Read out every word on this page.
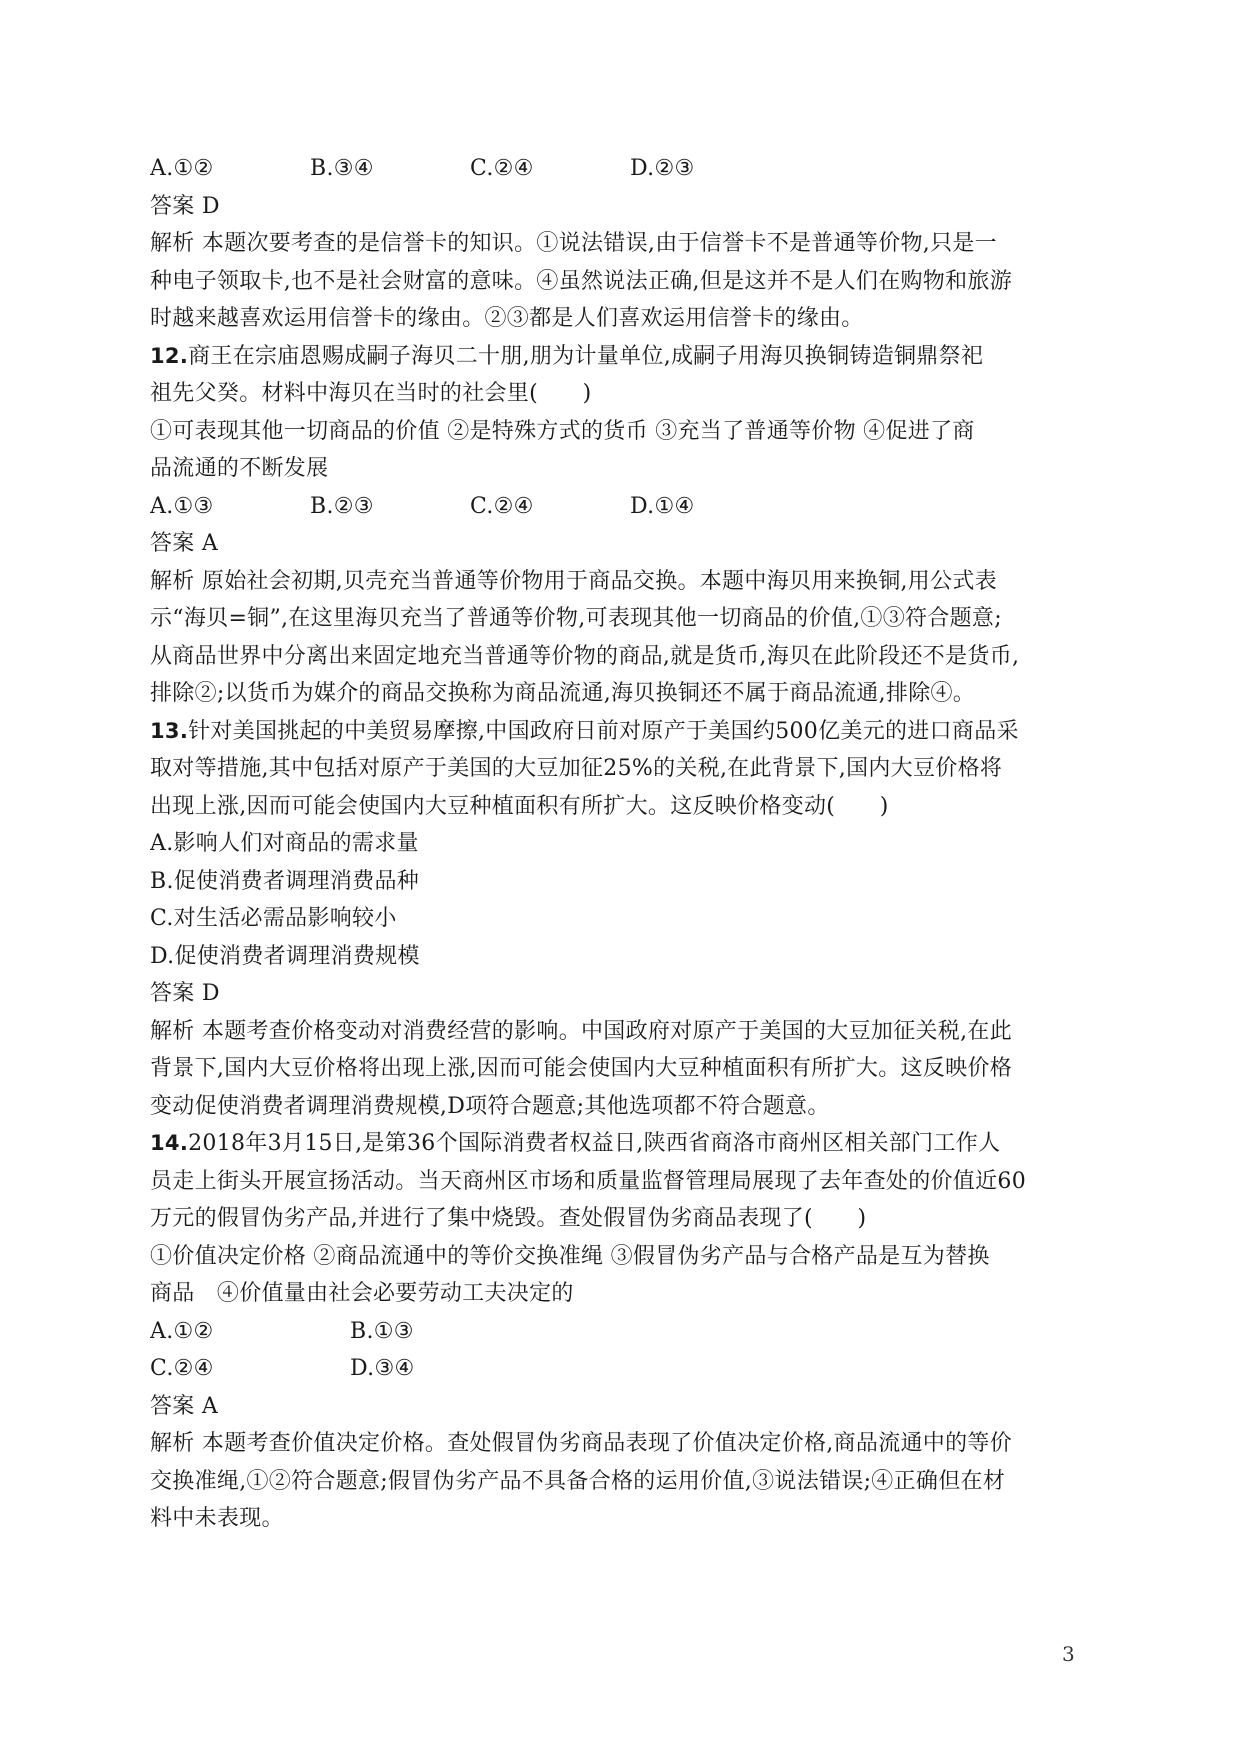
A.①②	B.③④	C.②④	D.②③
答案 D
解析 本题次要考查的是信誉卡的知识。①说法错误,由于信誉卡不是普通等价物,只是一
种电子领取卡,也不是社会财富的意味。④虽然说法正确,但是这并不是人们在购物和旅游
时越来越喜欢运用信誉卡的缘由。②③都是人们喜欢运用信誉卡的缘由。
12.商王在宗庙恩赐成嗣子海贝二十朋,朋为计量单位,成嗣子用海贝换铜铸造铜鼎祭祀
祖先父癸。材料中海贝在当时的社会里(　　)
①可表现其他一切商品的价值 ②是特殊方式的货币 ③充当了普通等价物 ④促进了商
品流通的不断发展
A.①③	B.②③	C.②④	D.①④
答案 A
解析 原始社会初期,贝壳充当普通等价物用于商品交换。本题中海贝用来换铜,用公式表
示“海贝=铜”,在这里海贝充当了普通等价物,可表现其他一切商品的价值,①③符合题意;
从商品世界中分离出来固定地充当普通等价物的商品,就是货币,海贝在此阶段还不是货币,
排除②;以货币为媒介的商品交换称为商品流通,海贝换铜还不属于商品流通,排除④。
13.针对美国挑起的中美贸易摩擦,中国政府日前对原产于美国约500亿美元的进口商品采
取对等措施,其中包括对原产于美国的大豆加征25%的关税,在此背景下,国内大豆价格将
出现上涨,因而可能会使国内大豆种植面积有所扩大。这反映价格变动(　　)
A.影响人们对商品的需求量
B.促使消费者调理消费品种
C.对生活必需品影响较小
D.促使消费者调理消费规模
答案 D
解析 本题考查价格变动对消费经营的影响。中国政府对原产于美国的大豆加征关税,在此
背景下,国内大豆价格将出现上涨,因而可能会使国内大豆种植面积有所扩大。这反映价格
变动促使消费者调理消费规模,D项符合题意;其他选项都不符合题意。
14.2018年3月15日,是第36个国际消费者权益日,陕西省商洛市商州区相关部门工作人
员走上街头开展宣扬活动。当天商州区市场和质量监督管理局展现了去年查处的价值近60
万元的假冒伪劣产品,并进行了集中烧毁。查处假冒伪劣商品表现了(　　)
①价值决定价格 ②商品流通中的等价交换准绳 ③假冒伪劣产品与合格产品是互为替换
商品　④价值量由社会必要劳动工夫决定的
A.①②	B.①③
C.②④	D.③④
答案 A
解析 本题考查价值决定价格。查处假冒伪劣商品表现了价值决定价格,商品流通中的等价
交换准绳,①②符合题意;假冒伪劣产品不具备合格的运用价值,③说法错误;④正确但在材
料中未表现。
3
